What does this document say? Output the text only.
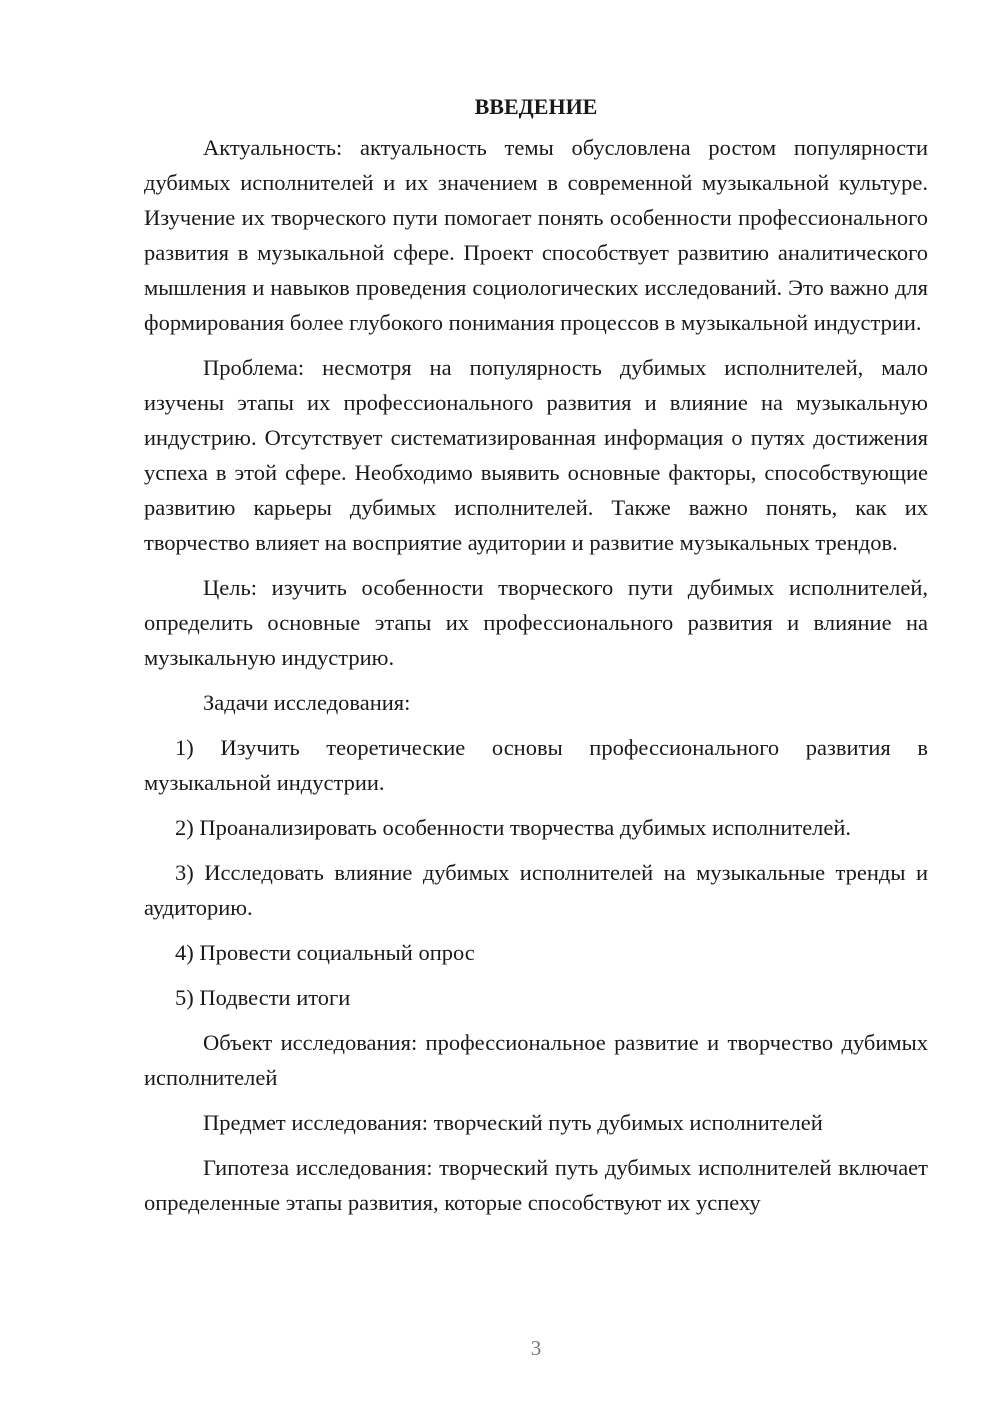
ВВЕДЕНИЕ

Актуальность: актуальность темы обусловлена ростом популярности дубимых исполнителей и их значением в современной музыкальной культуре. Изучение их творческого пути помогает понять особенности профессионального развития в музыкальной сфере. Проект способствует развитию аналитического мышления и навыков проведения социологических исследований. Это важно для формирования более глубокого понимания процессов в музыкальной индустрии.

Проблема: несмотря на популярность дубимых исполнителей, мало изучены этапы их профессионального развития и влияние на музыкальную индустрию. Отсутствует систематизированная информация о путях достижения успеха в этой сфере. Необходимо выявить основные факторы, способствующие развитию карьеры дубимых исполнителей. Также важно понять, как их творчество влияет на восприятие аудитории и развитие музыкальных трендов.

Цель: изучить особенности творческого пути дубимых исполнителей, определить основные этапы их профессионального развития и влияние на музыкальную индустрию.

Задачи исследования:

1) Изучить теоретические основы профессионального развития в музыкальной индустрии.

2) Проанализировать особенности творчества дубимых исполнителей.

3) Исследовать влияние дубимых исполнителей на музыкальные тренды и аудиторию.

4) Провести социальный опрос

5) Подвести итоги

Объект исследования: профессиональное развитие и творчество дубимых исполнителей

Предмет исследования: творческий путь дубимых исполнителей

Гипотеза исследования: творческий путь дубимых исполнителей включает определенные этапы развития, которые способствуют их успеху

3
